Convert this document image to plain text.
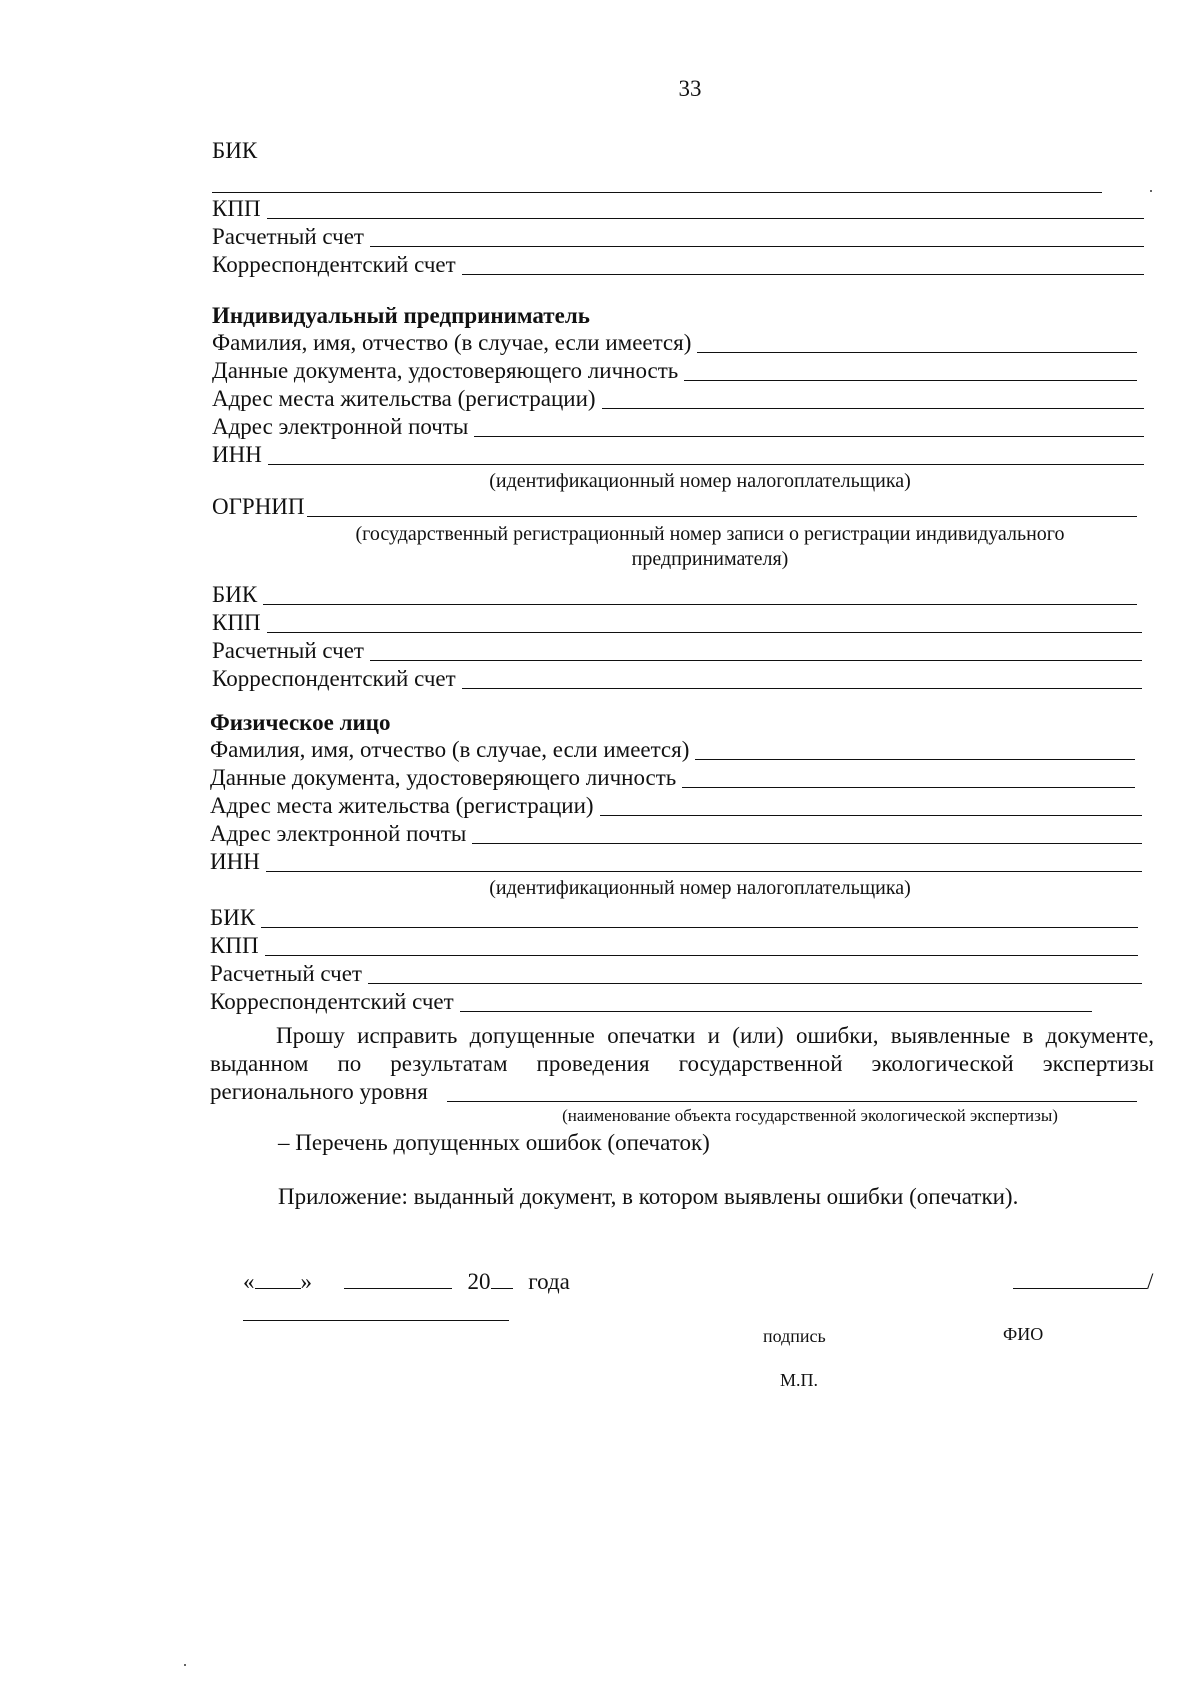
33
БИК
КПП
Расчетный счет
Корреспондентский счет
Индивидуальный предприниматель
Фамилия, имя, отчество (в случае, если имеется)
Данные документа, удостоверяющего личность
Адрес места жительства (регистрации)
Адрес электронной почты
ИНН
(идентификационный номер налогоплательщика)
ОГРНИП
(государственный регистрационный номер записи о регистрации индивидуального предпринимателя)
БИК
КПП
Расчетный счет
Корреспондентский счет
Физическое лицо
Фамилия, имя, отчество (в случае, если имеется)
Данные документа, удостоверяющего личность
Адрес места жительства (регистрации)
Адрес электронной почты
ИНН
(идентификационный номер налогоплательщика)
БИК
КПП
Расчетный счет
Корреспондентский счет
Прошу исправить допущенные опечатки и (или) ошибки, выявленные в документе, выданном по результатам проведения государственной экологической экспертизы регионального уровня
(наименование объекта государственной экологической экспертизы)
– Перечень допущенных ошибок (опечаток)
Приложение: выданный документ, в котором выявлены ошибки (опечатки).
« »	20 года	/
подпись	ФИО
М.П.
